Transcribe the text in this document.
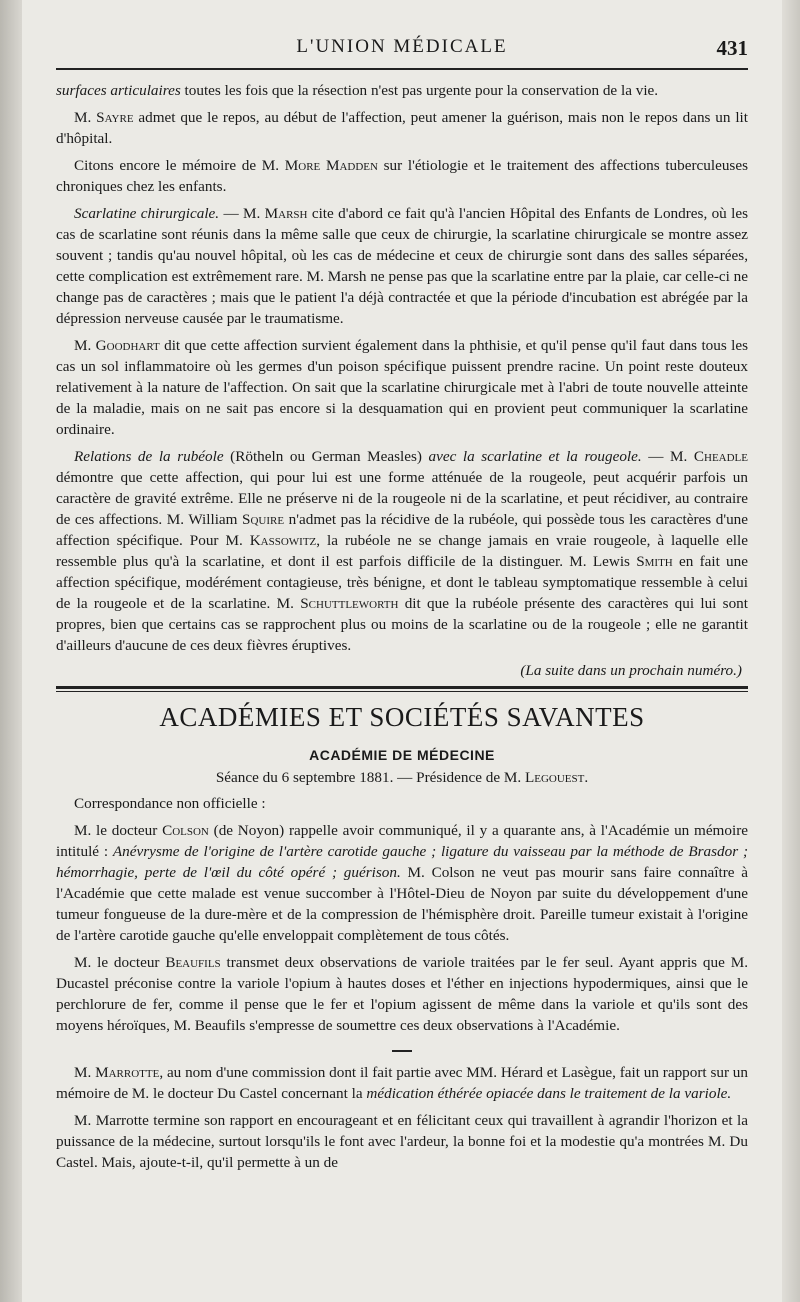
L'UNION MÉDICALE	431

surfaces articulaires toutes les fois que la résection n'est pas urgente pour la conservation de la vie.

M. Sayre admet que le repos, au début de l'affection, peut amener la guérison, mais non le repos dans un lit d'hôpital.

Citons encore le mémoire de M. More Madden sur l'étiologie et le traitement des affections tuberculeuses chroniques chez les enfants.

Scarlatine chirurgicale. — M. Marsh cite d'abord ce fait qu'à l'ancien Hôpital des Enfants de Londres, où les cas de scarlatine sont réunis dans la même salle que ceux de chirurgie, la scarlatine chirurgicale se montre assez souvent ; tandis qu'au nouvel hôpital, où les cas de médecine et ceux de chirurgie sont dans des salles séparées, cette complication est extrêmement rare. M. Marsh ne pense pas que la scarlatine entre par la plaie, car celle-ci ne change pas de caractères ; mais que le patient l'a déjà contractée et que la période d'incubation est abrégée par la dépression nerveuse causée par le traumatisme.

M. Goodhart dit que cette affection survient également dans la phthisie, et qu'il pense qu'il faut dans tous les cas un sol inflammatoire où les germes d'un poison spécifique puissent prendre racine. Un point reste douteux relativement à la nature de l'affection. On sait que la scarlatine chirurgicale met à l'abri de toute nouvelle atteinte de la maladie, mais on ne sait pas encore si la desquamation qui en provient peut communiquer la scarlatine ordinaire.

Relations de la rubéole (Rötheln ou German Measles) avec la scarlatine et la rougeole. — M. Cheadle démontre que cette affection, qui pour lui est une forme atténuée de la rougeole, peut acquérir parfois un caractère de gravité extrême. Elle ne préserve ni de la rougeole ni de la scarlatine, et peut récidiver, au contraire de ces affections. M. William Squire n'admet pas la récidive de la rubéole, qui possède tous les caractères d'une affection spécifique. Pour M. Kassowitz, la rubéole ne se change jamais en vraie rougeole, à laquelle elle ressemble plus qu'à la scarlatine, et dont il est parfois difficile de la distinguer. M. Lewis Smith en fait une affection spécifique, modérément contagieuse, très bénigne, et dont le tableau symptomatique ressemble à celui de la rougeole et de la scarlatine. M. Schuttleworth dit que la rubéole présente des caractères qui lui sont propres, bien que certains cas se rapprochent plus ou moins de la scarlatine ou de la rougeole ; elle ne garantit d'ailleurs d'aucune de ces deux fièvres éruptives.

(La suite dans un prochain numéro.)
ACADÉMIES ET SOCIÉTÉS SAVANTES
ACADÉMIE DE MÉDECINE
Séance du 6 septembre 1881. — Présidence de M. Legouest.

Correspondance non officielle :

M. le docteur Colson (de Noyon) rappelle avoir communiqué, il y a quarante ans, à l'Académie un mémoire intitulé : Anévrysme de l'origine de l'artère carotide gauche ; ligature du vaisseau par la méthode de Brasdor ; hémorrhagie, perte de l'œil du côté opéré ; guérison. M. Colson ne veut pas mourir sans faire connaître à l'Académie que cette malade est venue succomber à l'Hôtel-Dieu de Noyon par suite du développement d'une tumeur fongueuse de la dure-mère et de la compression de l'hémisphère droit. Pareille tumeur existait à l'origine de l'artère carotide gauche qu'elle enveloppait complètement de tous côtés.

M. le docteur Beaufils transmet deux observations de variole traitées par le fer seul. Ayant appris que M. Ducastel préconise contre la variole l'opium à hautes doses et l'éther en injections hypodermiques, ainsi que le perchlorure de fer, comme il pense que le fer et l'opium agissent de même dans la variole et qu'ils sont des moyens héroïques, M. Beaufils s'empresse de soumettre ces deux observations à l'Académie.

M. Marrotte, au nom d'une commission dont il fait partie avec MM. Hérard et Lasègue, fait un rapport sur un mémoire de M. le docteur Du Castel concernant la médication éthérée opiacée dans le traitement de la variole.

M. Marrotte termine son rapport en encourageant et en félicitant ceux qui travaillent à agrandir l'horizon et la puissance de la médecine, surtout lorsqu'ils le font avec l'ardeur, la bonne foi et la modestie qu'a montrées M. Du Castel. Mais, ajoute-t-il, qu'il permette à un de
